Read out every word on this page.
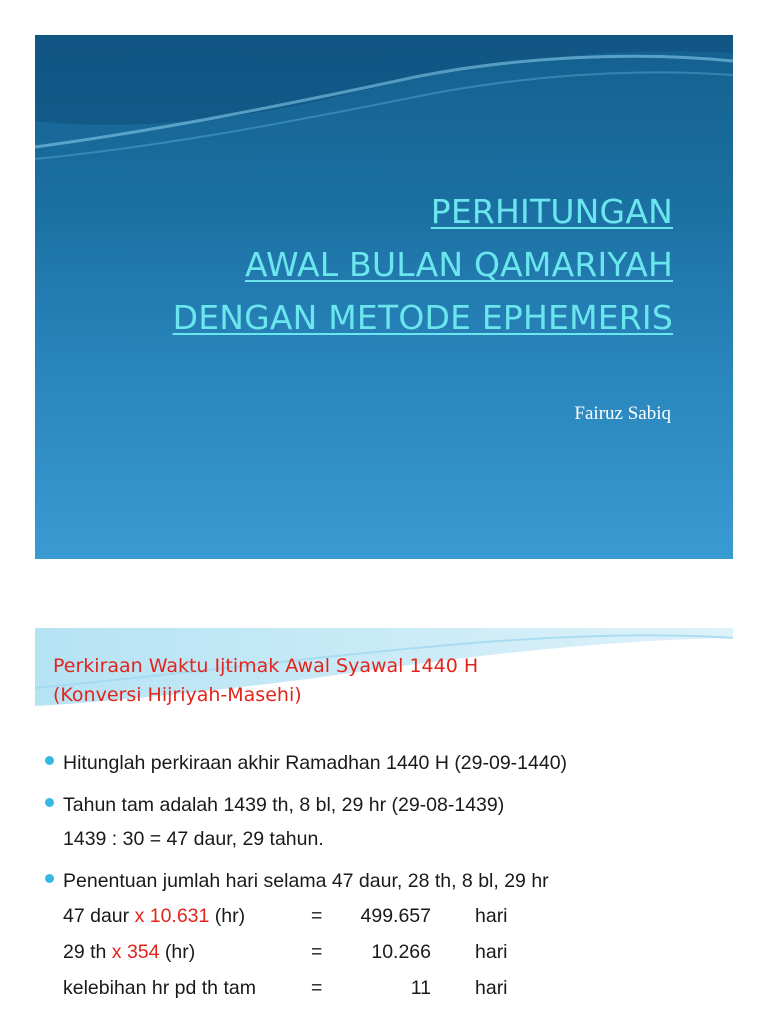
PERHITUNGAN
AWAL BULAN QAMARIYAH
DENGAN METODE EPHEMERIS
Fairuz Sabiq
Perkiraan Waktu Ijtimak Awal Syawal 1440 H
(Konversi Hijriyah-Masehi)
Hitunglah perkiraan akhir Ramadhan 1440 H (29-09-1440)
Tahun tam adalah 1439 th, 8 bl, 29 hr (29-08-1439)
1439 : 30 = 47 daur, 29 tahun.
Penentuan jumlah hari selama 47 daur, 28 th, 8 bl, 29 hr
47 daur x 10.631 (hr)	=	499.657	hari
29 th x 354 (hr)	=	10.266	hari
kelebihan hr pd th tam	=	11	hari
